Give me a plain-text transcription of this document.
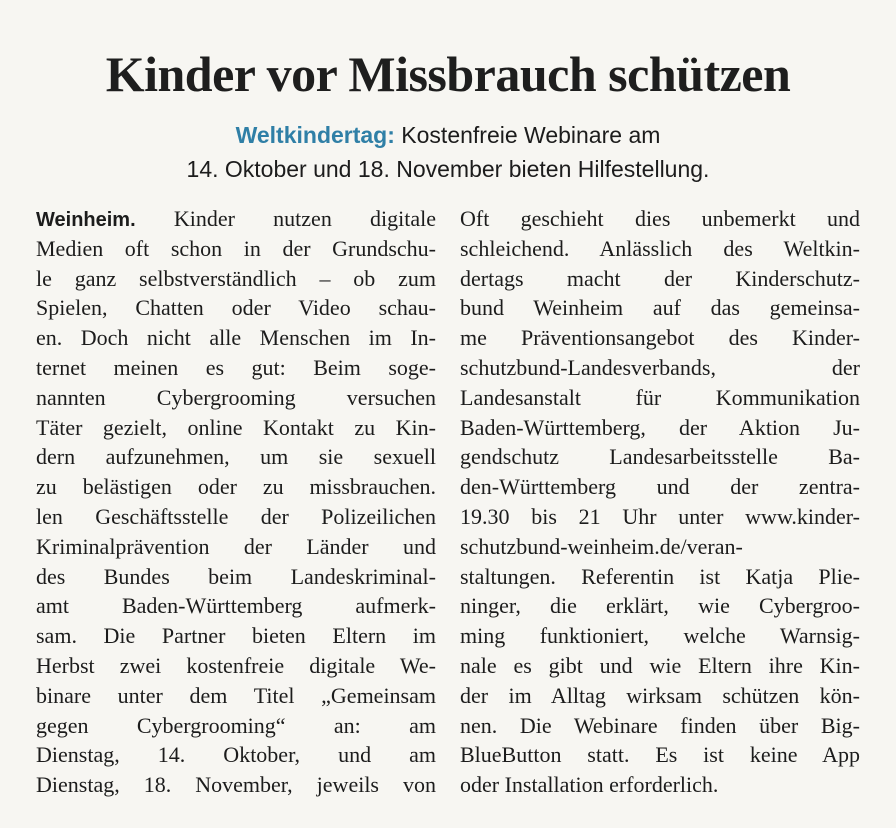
Kinder vor Missbrauch schützen

Weltkindertag: Kostenfreie Webinare am

14. Oktober und 18. November bieten Hilfestellung.

Weinheim. Kinder nutzen digitale
Medien oft schon in der Grundschu-
le ganz selbstverständlich – ob zum
Spielen, Chatten oder Video schau-
en. Doch nicht alle Menschen im In-
ternet meinen es gut: Beim soge-
nannten Cybergrooming versuchen
Täter gezielt, online Kontakt zu Kin-
dern aufzunehmen, um sie sexuell
zu belästigen oder zu missbrauchen.
len Geschäftsstelle der Polizeilichen
Kriminalprävention der Länder und
des Bundes beim Landeskriminal-
amt Baden-Württemberg aufmerk-
sam. Die Partner bieten Eltern im
Herbst zwei kostenfreie digitale We-
binare unter dem Titel „Gemeinsam
gegen Cybergrooming“ an: am
Dienstag, 14. Oktober, und am
Dienstag, 18. November, jeweils von
Oft geschieht dies unbemerkt und
schleichend. Anlässlich des Weltkin-
dertags macht der Kinderschutz-
bund Weinheim auf das gemeinsa-
me Präventionsangebot des Kinder-
schutzbund-Landesverbands, der
Landesanstalt für Kommunikation
Baden-Württemberg, der Aktion Ju-
gendschutz Landesarbeitsstelle Ba-
den-Württemberg und der zentra-
19.30 bis 21 Uhr unter www.kinder-
schutzbund-weinheim.de/veran-
staltungen. Referentin ist Katja Plie-
ninger, die erklärt, wie Cybergroo-
ming funktioniert, welche Warnsig-
nale es gibt und wie Eltern ihre Kin-
der im Alltag wirksam schützen kön-
nen. Die Webinare finden über Big-
BlueButton statt. Es ist keine App
oder Installation erforderlich.
